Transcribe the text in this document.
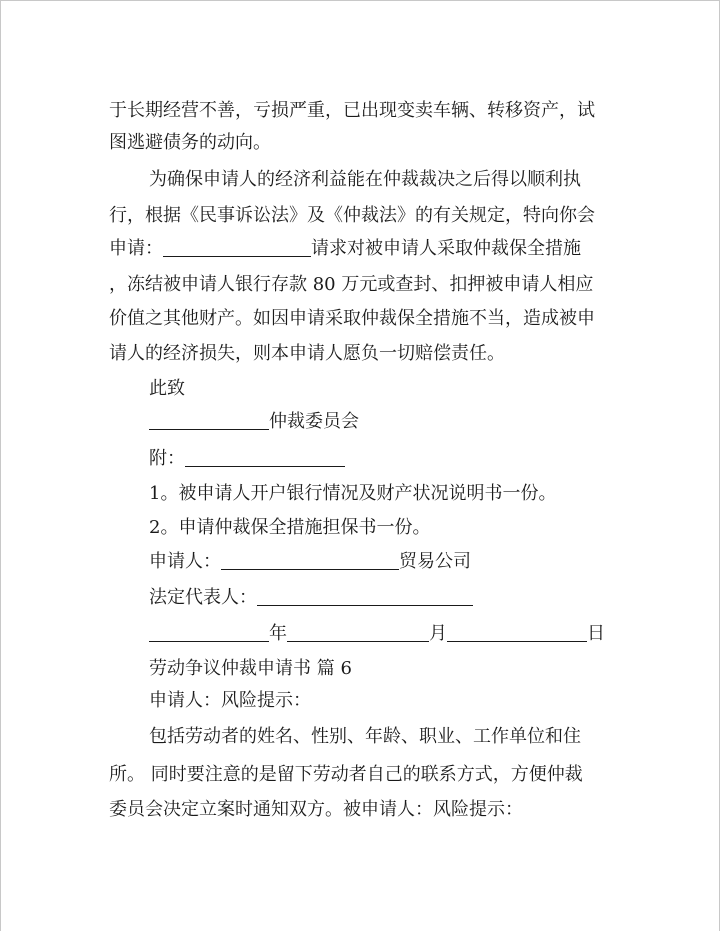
于长期经营不善，亏损严重，已出现变卖车辆、转移资产，试
图逃避债务的动向。
为确保申请人的经济利益能在仲裁裁决之后得以顺利执
行，根据《民事诉讼法》及《仲裁法》的有关规定，特向你会
申请：	请求对被申请人采取仲裁保全措施
，冻结被申请人银行存款 80 万元或查封、扣押被申请人相应
价值之其他财产。如因申请采取仲裁保全措施不当，造成被申
请人的经济损失，则本申请人愿负一切赔偿责任。
此致
仲裁委员会
附：
1。被申请人开户银行情况及财产状况说明书一份。
2。申请仲裁保全措施担保书一份。
申请人：	贸易公司
法定代表人：
年	月	日
劳动争议仲裁申请书 篇 6
申请人：风险提示：
包括劳动者的姓名、性别、年龄、职业、工作单位和住
所。 同时要注意的是留下劳动者自己的联系方式，方便仲裁
委员会决定立案时通知双方。被申请人：风险提示：
